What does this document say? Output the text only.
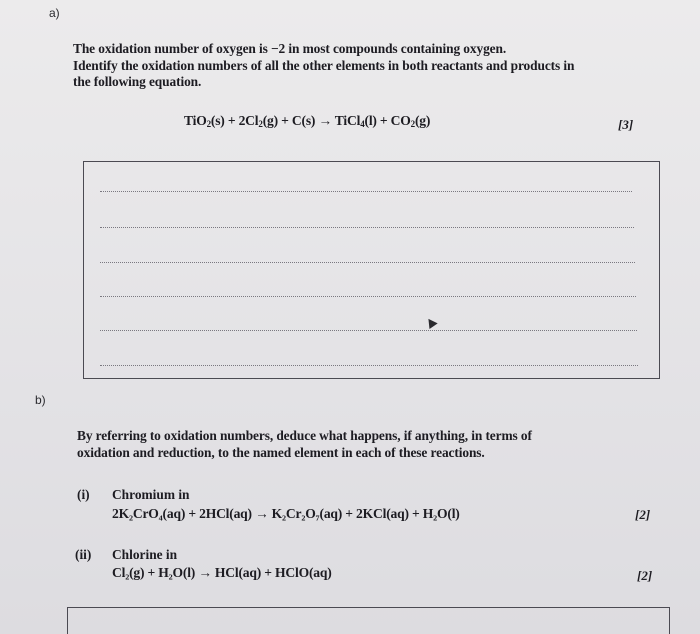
a)
The oxidation number of oxygen is −2 in most compounds containing oxygen.
Identify the oxidation numbers of all the other elements in both reactants and products in
the following equation.
$TiO_2(s) + 2Cl_2(g) + C(s)$ → TiCl$_4$(l) + $CO_2(g)$	[3]
b)
By referring to oxidation numbers, deduce what happens, if anything, in terms of
oxidation and reduction, to the named element in each of these reactions.
(i) Chromium in
2K₂CrO₄(aq) + 2HCl(aq) → K₂Cr₂O₇(aq) + 2KCl(aq) + H₂O(l)	[2]
(ii) Chlorine in
Cl₂(g) + H₂O(l) → HCl(aq) + HClO(aq)	[2]
